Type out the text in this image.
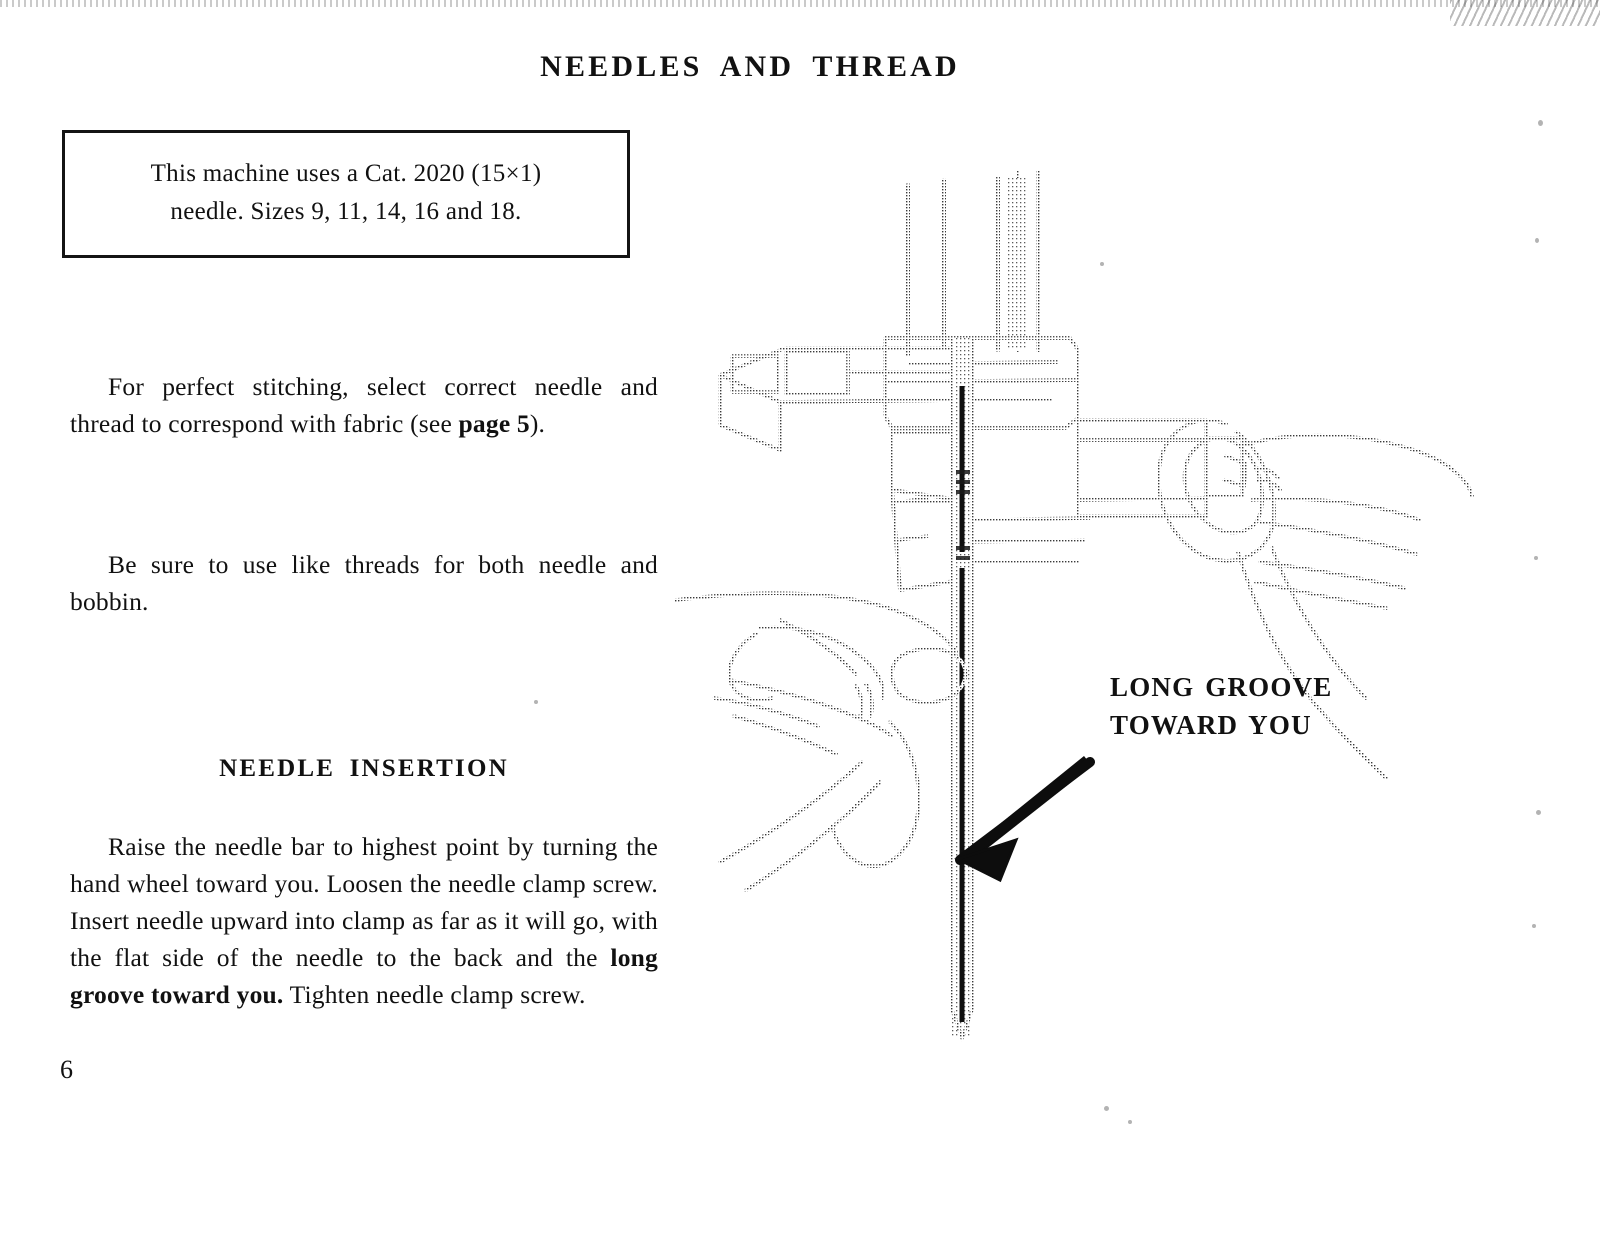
NEEDLES AND THREAD
This machine uses a Cat. 2020 (15×1)
needle. Sizes 9, 11, 14, 16 and 18.

For perfect stitching, select correct needle and thread to correspond with fabric (see page 5).

Be sure to use like threads for both needle and bobbin.

NEEDLE INSERTION

Raise the needle bar to highest point by turning the hand wheel toward you. Loosen the needle clamp screw. Insert needle upward into clamp as far as it will go, with the flat side of the needle to the back and the long groove toward you. Tighten needle clamp screw.

6
LONG GROOVE
TOWARD YOU
